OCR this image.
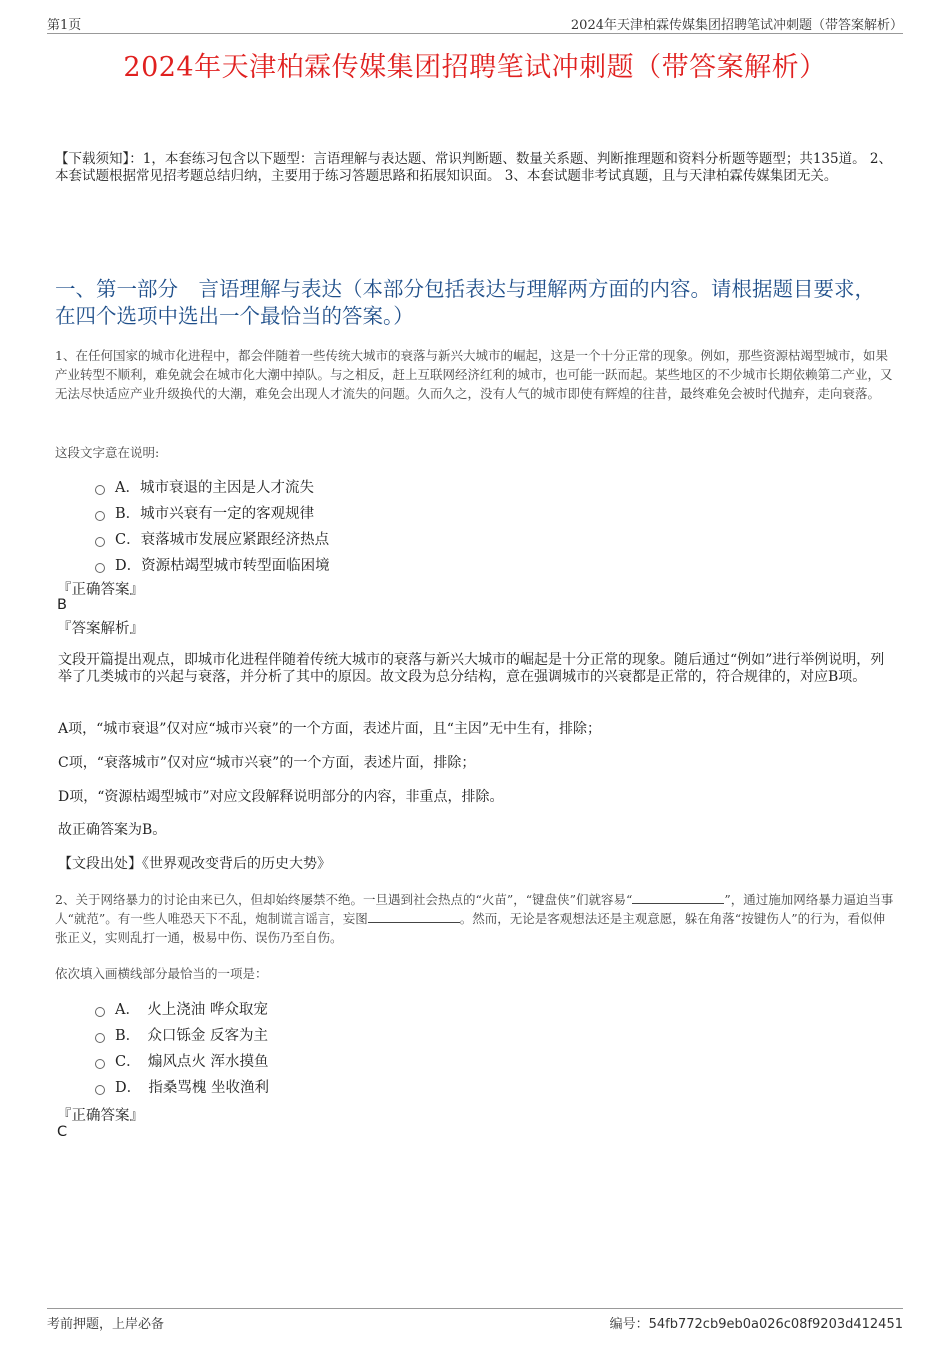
第1页	2024年天津柏霖传媒集团招聘笔试冲刺题（带答案解析）
2024年天津柏霖传媒集团招聘笔试冲刺题（带答案解析）
【下载须知】：1，本套练习包含以下题型：言语理解与表达题、常识判断题、数量关系题、判断推理题和资料分析题等题型；共135道。 2、本套试题根据常见招考题总结归纳，主要用于练习答题思路和拓展知识面。 3、本套试题非考试真题，且与天津柏霖传媒集团无关。
一、第一部分　言语理解与表达（本部分包括表达与理解两方面的内容。请根据题目要求，在四个选项中选出一个最恰当的答案。）
1、在任何国家的城市化进程中，都会伴随着一些传统大城市的衰落与新兴大城市的崛起，这是一个十分正常的现象。例如，那些资源枯竭型城市，如果产业转型不顺利，难免就会在城市化大潮中掉队。与之相反，赶上互联网经济红利的城市，也可能一跃而起。某些地区的不少城市长期依赖第二产业，又无法尽快适应产业升级换代的大潮，难免会出现人才流失的问题。久而久之，没有人气的城市即使有辉煌的往昔，最终难免会被时代抛弃，走向衰落。
这段文字意在说明:
A．城市衰退的主因是人才流失
B．城市兴衰有一定的客观规律
C．衰落城市发展应紧跟经济热点
D．资源枯竭型城市转型面临困境
『正确答案』
B
『答案解析』
文段开篇提出观点，即城市化进程伴随着传统大城市的衰落与新兴大城市的崛起是十分正常的现象。随后通过“例如”进行举例说明，列举了几类城市的兴起与衰落，并分析了其中的原因。故文段为总分结构，意在强调城市的兴衰都是正常的，符合规律的，对应B项。
A项，“城市衰退”仅对应“城市兴衰”的一个方面，表述片面，且“主因”无中生有，排除；
C项，“衰落城市”仅对应“城市兴衰”的一个方面，表述片面，排除；
D项，“资源枯竭型城市”对应文段解释说明部分的内容，非重点，排除。
故正确答案为B。
【文段出处】《世界观改变背后的历史大势》
2、关于网络暴力的讨论由来已久，但却始终屡禁不绝。一旦遇到社会热点的“火苗”，“键盘侠”们就容易“	”，通过施加网络暴力逼迫当事人“就范”。有一些人唯恐天下不乱，炮制谎言谣言，妄图	。然而，无论是客观想法还是主观意愿，躲在角落“按键伤人”的行为，看似伸张正义，实则乱打一通，极易中伤、误伤乃至自伤。
依次填入画横线部分最恰当的一项是：
A．　火上浇油 哗众取宠
B．　众口铄金 反客为主
C．　煽风点火 浑水摸鱼
D．　指桑骂槐 坐收渔利
『正确答案』
C
考前押题，上岸必备	编号：54fb772cb9eb0a026c08f9203d412451
